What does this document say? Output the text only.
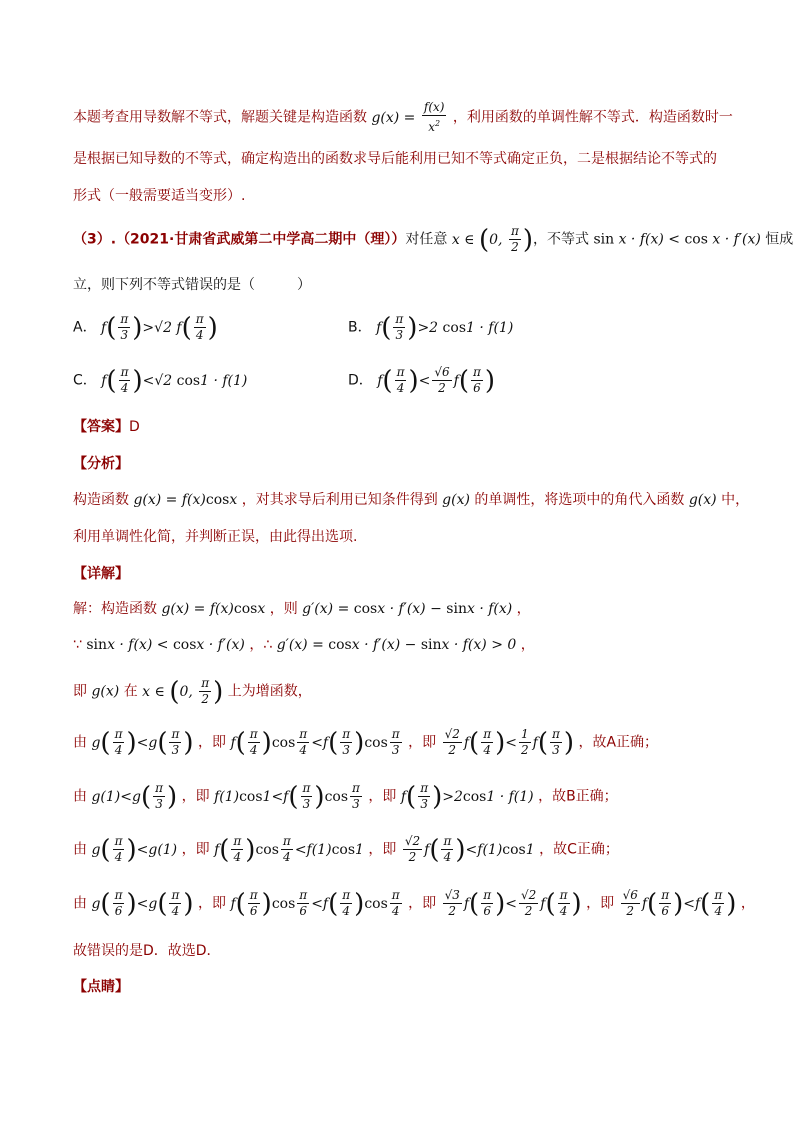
本题考查用导数解不等式，解题关键是构造函数 $g(x) = \frac{f(x)}{x^2}$ ，利用函数的单调性解不等式．构造函数时一
是根据已知导数的不等式，确定构造出的函数求导后能利用已知不等式确定正负，二是根据结论不等式的
形式（一般需要适当变形）.
（3）.（2021·甘肃省武威第二中学高二期中（理））对任意 x ∈ (0, $\frac{\pi}{2}$ )，不等式 sin x · f(x) < cos x · f′(x) 恒成
立，则下列不等式错误的是（　　　）
A． $f( \frac{\pi}{3} )>√2$ $f( \frac{\pi}{4}$ )	B． $f( \frac{\pi}{3} )>2$ cos1 · f(1)
C． $f( \frac{\pi}{4} )<√2$ cos1 · f(1)	D． $f( \frac{\pi}{4}$ )< $\frac{√6}{2} f( \frac{\pi}{6}$ )
【答案】D
【分析】
构造函数 g(x) = f(x)cosx ，对其求导后利用已知条件得到 g(x) 的单调性，将选项中的角代入函数 g(x) 中，
利用单调性化简，并判断正误，由此得出选项.
【详解】
解：构造函数 g(x) = f(x)cosx ，则 g′(x) = cosx · f′(x) − sinx · f(x) ，
∵ sinx · f(x) < cosx · f′(x) ，∴ g′(x) = cosx · f′(x) − sinx · f(x) > 0 ，
即 g(x) 在 x ∈ (0, $\frac{\pi}{2}$ ) 上为增函数，
由 $g( \frac{\pi}{4} )<g( \frac{\pi}{3}$ ) ，即 $f( \frac{\pi}{4} )\cos \frac{\pi}{4} <f( \frac{\pi}{3} )\cos \frac{\pi}{3}$ ，即 $\frac{√2}{2} f( \frac{\pi}{4}$ )< $\frac{1}{2} f( \frac{\pi}{3}$ ) ，故A正确；
由 $g(1)<g( \frac{\pi}{3}$ ) ，即 $f(1)\cos 1<f( \frac{\pi}{3} )\cos \frac{\pi}{3}$ ，即 $f( \frac{\pi}{3} )>2\cos 1 \cdot f(1)$ ，故B正确；
由 $g( \frac{\pi}{4} )<g(1)$ ，即 $f( \frac{\pi}{4} )\cos \frac{\pi}{4} <f(1)\cos 1$ ，即 $\frac{√2}{2} f( \frac{\pi}{4} )<f(1)\cos 1$ ，故C正确；
由 $g( \frac{\pi}{6} )<g( \frac{\pi}{4}$ ) ，即 $f( \frac{\pi}{6} )\cos \frac{\pi}{6} <f( \frac{\pi}{4} )\cos \frac{\pi}{4}$ ，即 $\frac{√3}{2} f( \frac{\pi}{6}$ )< $\frac{√2}{2} f( \frac{\pi}{4}$ ) ，即 $\frac{√6}{2} f( \frac{\pi}{6} )<f( \frac{\pi}{4}$ ) ，
故错误的是D．故选D．
【点睛】
